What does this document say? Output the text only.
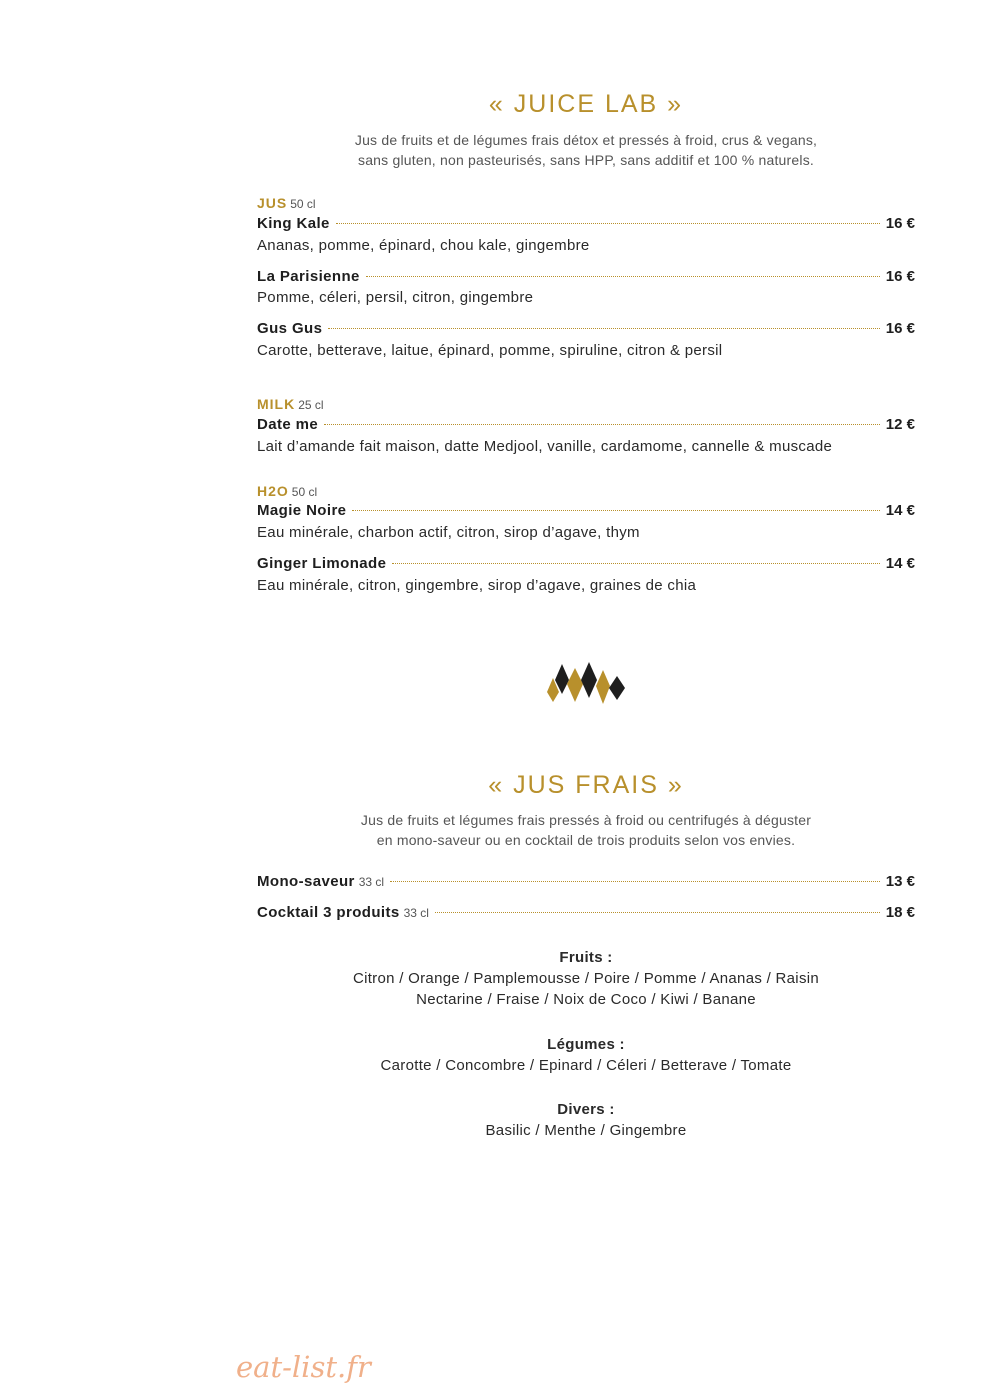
« JUICE LAB »
Jus de fruits et de légumes frais détox et pressés à froid, crus & vegans,
sans gluten, non pasteurisés, sans HPP, sans additif et 100 % naturels.
JUS 50 cl
King Kale	16 €
Ananas, pomme, épinard, chou kale, gingembre
La Parisienne	16 €
Pomme, céleri, persil, citron, gingembre
Gus Gus	16 €
Carotte, betterave, laitue, épinard, pomme, spiruline, citron & persil
MILK 25 cl
Date me	12 €
Lait d’amande fait maison, datte Medjool, vanille, cardamome, cannelle & muscade
H2O 50 cl
Magie Noire	14 €
Eau minérale, charbon actif, citron, sirop d’agave, thym
Ginger Limonade	14 €
Eau minérale, citron, gingembre, sirop d’agave, graines de chia
« JUS FRAIS »
Jus de fruits et légumes frais pressés à froid ou centrifugés à déguster
en mono-saveur ou en cocktail de trois produits selon vos envies.
Mono-saveur 33 cl	13 €
Cocktail 3 produits 33 cl	18 €
Fruits :
Citron / Orange / Pamplemousse / Poire / Pomme / Ananas / Raisin
Nectarine / Fraise / Noix de Coco / Kiwi / Banane
Légumes :
Carotte / Concombre / Epinard / Céleri / Betterave / Tomate
Divers :
Basilic / Menthe / Gingembre
eat-list.fr
